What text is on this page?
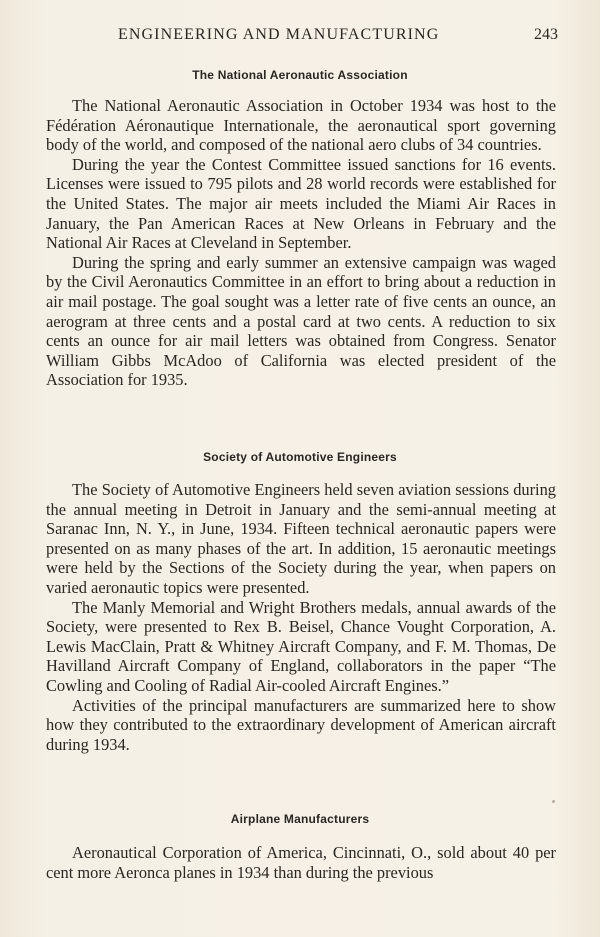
ENGINEERING AND MANUFACTURING	243
The National Aeronautic Association

The National Aeronautic Association in October 1934 was host to the Fédération Aéronautique Internationale, the aeronautical sport governing body of the world, and composed of the national aero clubs of 34 countries.

During the year the Contest Committee issued sanctions for 16 events. Licenses were issued to 795 pilots and 28 world records were established for the United States. The major air meets included the Miami Air Races in January, the Pan American Races at New Orleans in February and the National Air Races at Cleveland in September.

During the spring and early summer an extensive campaign was waged by the Civil Aeronautics Committee in an effort to bring about a reduction in air mail postage. The goal sought was a letter rate of five cents an ounce, an aerogram at three cents and a postal card at two cents. A reduction to six cents an ounce for air mail letters was obtained from Congress. Senator William Gibbs McAdoo of California was elected president of the Association for 1935.

Society of Automotive Engineers

The Society of Automotive Engineers held seven aviation sessions during the annual meeting in Detroit in January and the semi-annual meeting at Saranac Inn, N. Y., in June, 1934. Fifteen technical aeronautic papers were presented on as many phases of the art. In addition, 15 aeronautic meetings were held by the Sections of the Society during the year, when papers on varied aeronautic topics were presented.

The Manly Memorial and Wright Brothers medals, annual awards of the Society, were presented to Rex B. Beisel, Chance Vought Corporation, A. Lewis MacClain, Pratt & Whitney Aircraft Company, and F. M. Thomas, De Havilland Aircraft Company of England, collaborators in the paper “The Cowling and Cooling of Radial Air-cooled Aircraft Engines.”

Activities of the principal manufacturers are summarized here to show how they contributed to the extraordinary development of American aircraft during 1934.

Airplane Manufacturers

Aeronautical Corporation of America, Cincinnati, O., sold about 40 per cent more Aeronca planes in 1934 than during the previous
